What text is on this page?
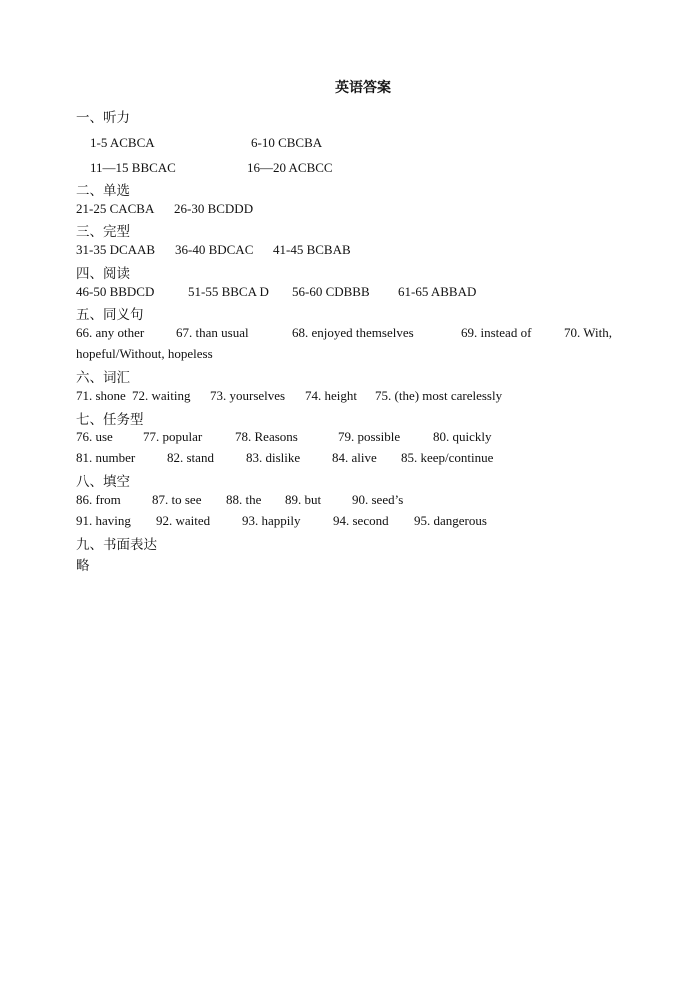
英语答案
一、听力
1-5 ACBCA	6-10 CBCBA
11—15 BBCAC	16—20 ACBCC
二、单选
21-25 CACBA 26-30 BCDDD
三、完型
31-35 DCAAB 36-40 BDCAC 41-45 BCBAB
四、阅读
46-50 BBDCD	51-55 BBCA D 56-60 CDBBB 61-65 ABBAD
五、同义句
66. any other 67. than usual	68. enjoyed themselves	69. instead of	70. With,
hopeful/Without, hopeless
六、词汇
71. shone 72. waiting 73. yourselves 74. height 75. (the) most carelessly
七、任务型
76. use 77. popular	78. Reasons	79. possible	80. quickly
81. number 82. stand 83. dislike 84. alive 85. keep/continue
八、填空
86. from 87. to see 88. the 89. but 90. seed’s
91. having 92. waited 93. happily	94. second 95. dangerous
九、书面表达
略
